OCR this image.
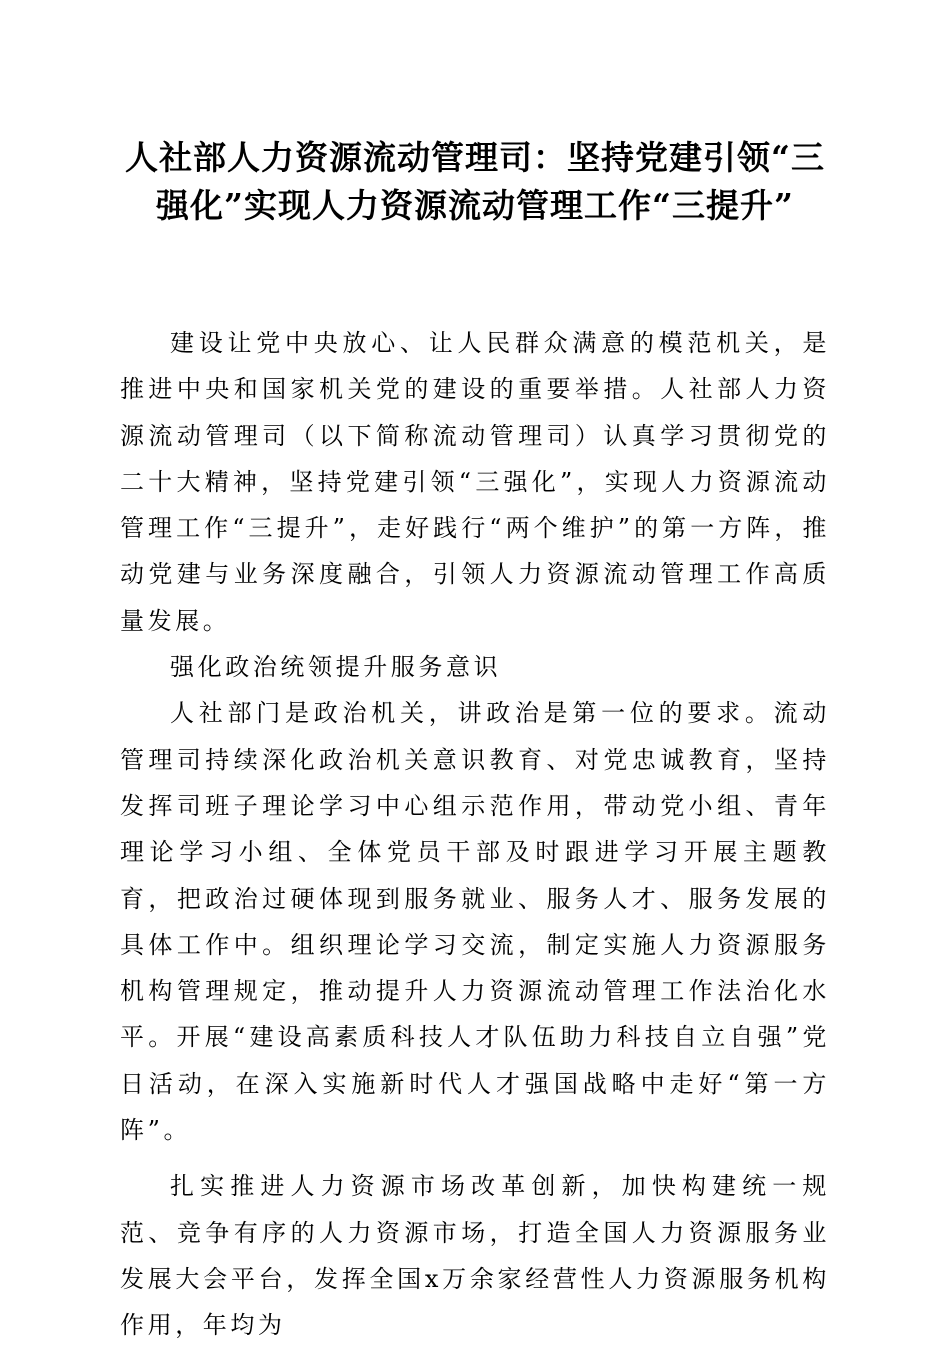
人社部人力资源流动管理司：坚持党建引领“三强化”实现人力资源流动管理工作“三提升”

建设让党中央放心、让人民群众满意的模范机关，是推进中央和国家机关党的建设的重要举措。人社部人力资源流动管理司（以下简称流动管理司）认真学习贯彻党的二十大精神，坚持党建引领“三强化”，实现人力资源流动管理工作“三提升”，走好践行“两个维护”的第一方阵，推动党建与业务深度融合，引领人力资源流动管理工作高质量发展。

强化政治统领提升服务意识

人社部门是政治机关，讲政治是第一位的要求。流动管理司持续深化政治机关意识教育、对党忠诚教育，坚持发挥司班子理论学习中心组示范作用，带动党小组、青年理论学习小组、全体党员干部及时跟进学习开展主题教育，把政治过硬体现到服务就业、服务人才、服务发展的具体工作中。组织理论学习交流，制定实施人力资源服务机构管理规定，推动提升人力资源流动管理工作法治化水平。开展“建设高素质科技人才队伍助力科技自立自强”党日活动，在深入实施新时代人才强国战略中走好“第一方阵”。

扎实推进人力资源市场改革创新，加快构建统一规范、竞争有序的人力资源市场，打造全国人力资源服务业发展大会平台，发挥全国x万余家经营性人力资源服务机构作用，年均为
